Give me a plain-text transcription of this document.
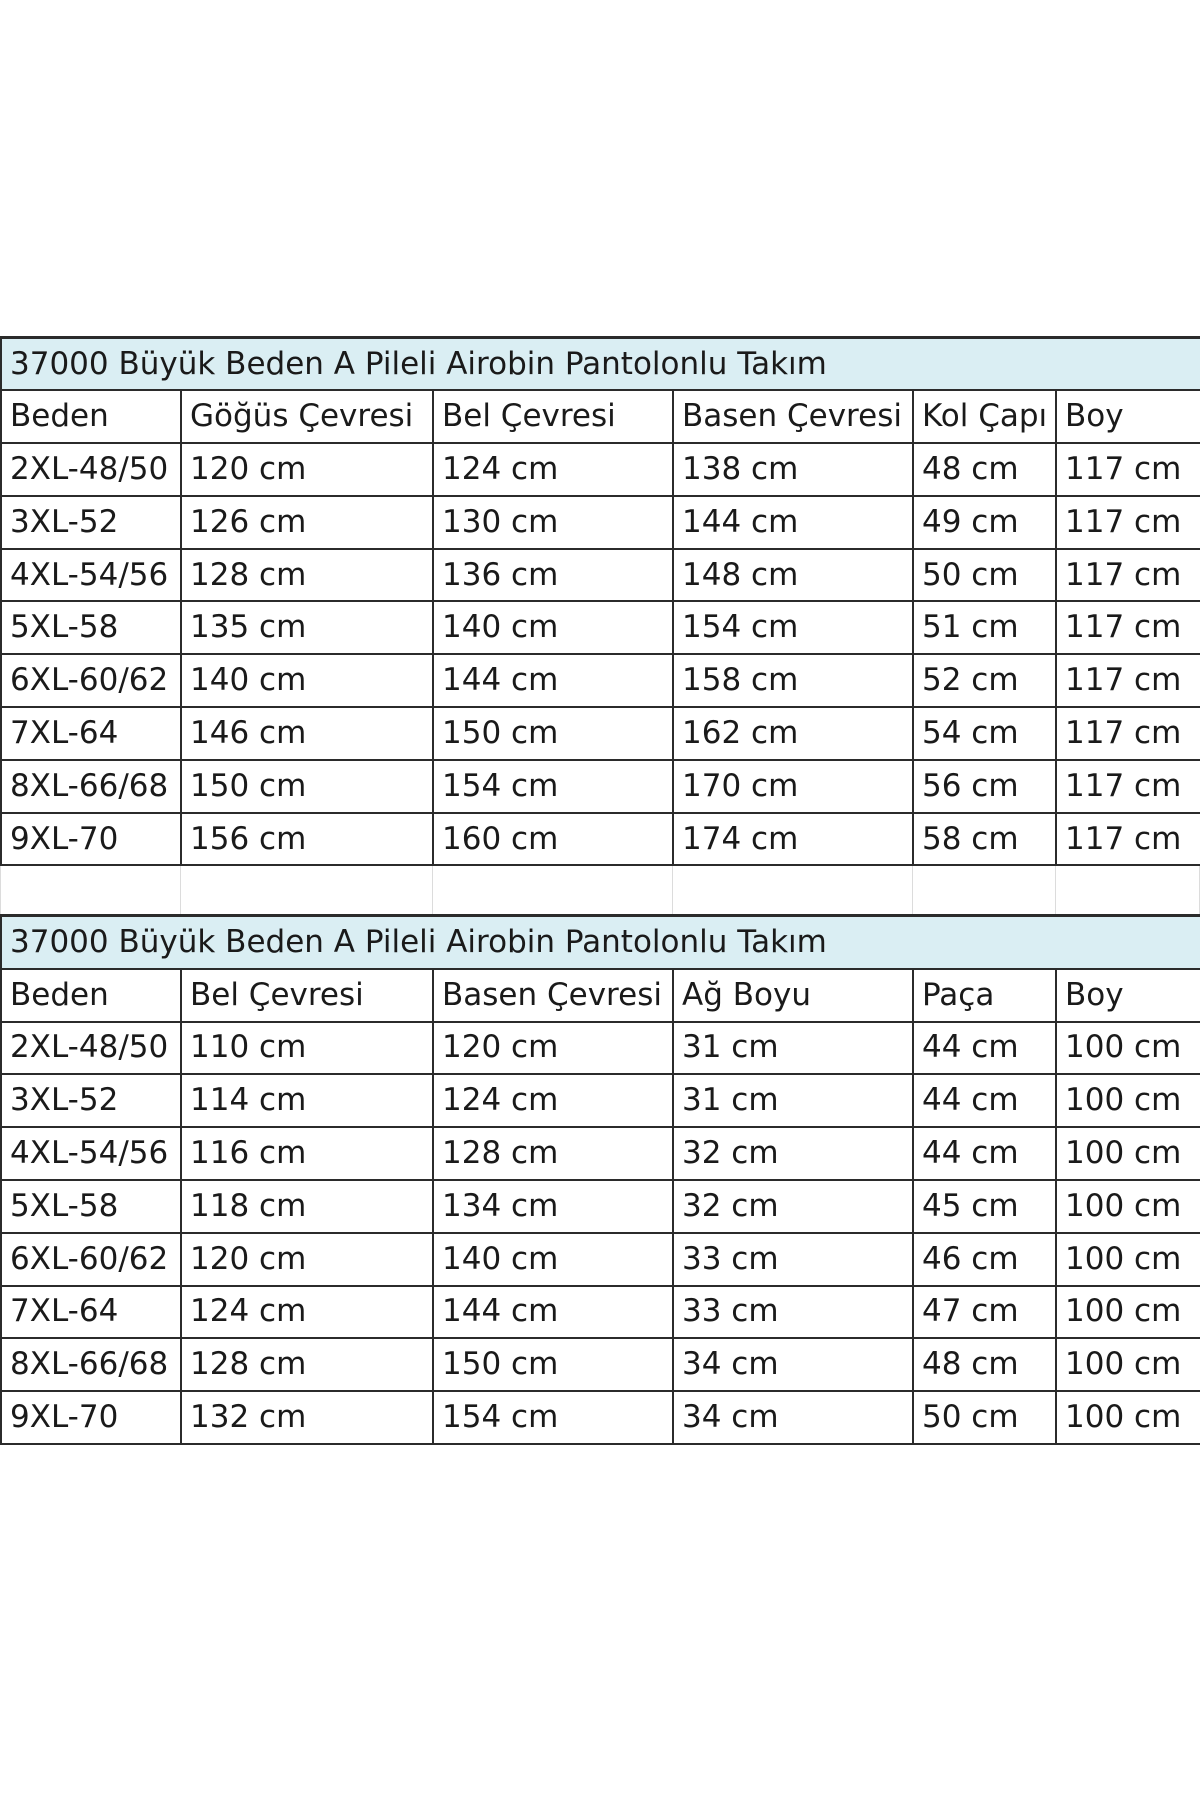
37000 Büyük Beden A Pileli Airobin Pantolonlu Takım					
Beden	Göğüs Çevresi	Bel Çevresi	Basen Çevresi	Kol Çapı	Boy
2XL-48/50	120 cm	124 cm	138 cm	48 cm	117 cm
3XL-52	126 cm	130 cm	144 cm	49 cm	117 cm
4XL-54/56	128 cm	136 cm	148 cm	50 cm	117 cm
5XL-58	135 cm	140 cm	154 cm	51 cm	117 cm
6XL-60/62	140 cm	144 cm	158 cm	52 cm	117 cm
7XL-64	146 cm	150 cm	162 cm	54 cm	117 cm
8XL-66/68	150 cm	154 cm	170 cm	56 cm	117 cm
9XL-70	156 cm	160 cm	174 cm	58 cm	117 cm
37000 Büyük Beden A Pileli Airobin Pantolonlu Takım					
Beden	Bel Çevresi	Basen Çevresi	Ağ Boyu	Paça	Boy
2XL-48/50	110 cm	120 cm	31 cm	44 cm	100 cm
3XL-52	114 cm	124 cm	31 cm	44 cm	100 cm
4XL-54/56	116 cm	128 cm	32 cm	44 cm	100 cm
5XL-58	118 cm	134 cm	32 cm	45 cm	100 cm
6XL-60/62	120 cm	140 cm	33 cm	46 cm	100 cm
7XL-64	124 cm	144 cm	33 cm	47 cm	100 cm
8XL-66/68	128 cm	150 cm	34 cm	48 cm	100 cm
9XL-70	132 cm	154 cm	34 cm	50 cm	100 cm
